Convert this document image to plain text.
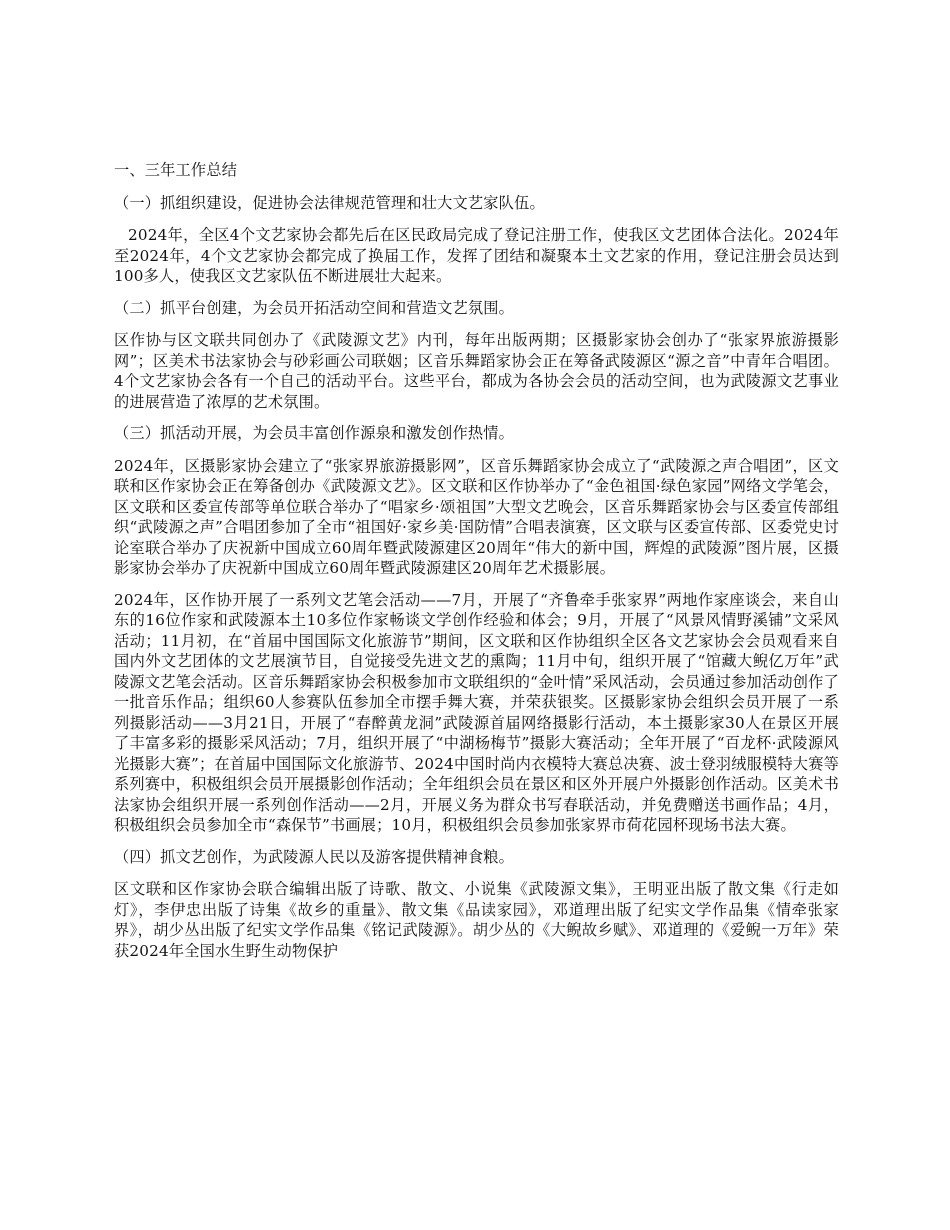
一、三年工作总结

（一）抓组织建设，促进协会法律规范管理和壮大文艺家队伍。

2024年，全区4个文艺家协会都先后在区民政局完成了登记注册工作，使我区文艺团体合法化。2024年至2024年，4个文艺家协会都完成了换届工作，发挥了团结和凝聚本土文艺家的作用，登记注册会员达到100多人，使我区文艺家队伍不断进展壮大起来。

（二）抓平台创建，为会员开拓活动空间和营造文艺氛围。

区作协与区文联共同创办了《武陵源文艺》内刊，每年出版两期；区摄影家协会创办了“张家界旅游摄影网”；区美术书法家协会与砂彩画公司联姻；区音乐舞蹈家协会正在筹备武陵源区“源之音”中青年合唱团。4个文艺家协会各有一个自己的活动平台。这些平台，都成为各协会会员的活动空间，也为武陵源文艺事业的进展营造了浓厚的艺术氛围。

（三）抓活动开展，为会员丰富创作源泉和激发创作热情。

2024年，区摄影家协会建立了“张家界旅游摄影网”，区音乐舞蹈家协会成立了“武陵源之声合唱团”，区文联和区作家协会正在筹备创办《武陵源文艺》。区文联和区作协举办了“金色祖国·绿色家园”网络文学笔会，区文联和区委宣传部等单位联合举办了“唱家乡·颂祖国”大型文艺晚会，区音乐舞蹈家协会与区委宣传部组织“武陵源之声”合唱团参加了全市“祖国好·家乡美·国防情”合唱表演赛，区文联与区委宣传部、区委党史讨论室联合举办了庆祝新中国成立60周年暨武陵源建区20周年“伟大的新中国，辉煌的武陵源”图片展，区摄影家协会举办了庆祝新中国成立60周年暨武陵源建区20周年艺术摄影展。

2024年，区作协开展了一系列文艺笔会活动——7月，开展了“齐鲁牵手张家界”两地作家座谈会，来自山东的16位作家和武陵源本土10多位作家畅谈文学创作经验和体会；9月，开展了“风景风情野溪铺”文采风活动；11月初，在“首届中国国际文化旅游节”期间，区文联和区作协组织全区各文艺家协会会员观看来自国内外文艺团体的文艺展演节目，自觉接受先进文艺的熏陶；11月中旬，组织开展了“馆藏大鲵亿万年”武陵源文艺笔会活动。区音乐舞蹈家协会积极参加市文联组织的“金叶情”采风活动，会员通过参加活动创作了一批音乐作品；组织60人参赛队伍参加全市摆手舞大赛，并荣获银奖。区摄影家协会组织会员开展了一系列摄影活动——3月21日，开展了“春醉黄龙洞”武陵源首届网络摄影行活动，本土摄影家30人在景区开展了丰富多彩的摄影采风活动；7月，组织开展了“中湖杨梅节”摄影大赛活动；全年开展了“百龙杯·武陵源风光摄影大赛”；在首届中国国际文化旅游节、2024中国时尚内衣模特大赛总决赛、波士登羽绒服模特大赛等系列赛中，积极组织会员开展摄影创作活动；全年组织会员在景区和区外开展户外摄影创作活动。区美术书法家协会组织开展一系列创作活动——2月，开展义务为群众书写春联活动，并免费赠送书画作品；4月，积极组织会员参加全市“森保节”书画展；10月，积极组织会员参加张家界市荷花园杯现场书法大赛。

（四）抓文艺创作，为武陵源人民以及游客提供精神食粮。

区文联和区作家协会联合编辑出版了诗歌、散文、小说集《武陵源文集》，王明亚出版了散文集《行走如灯》，李伊忠出版了诗集《故乡的重量》、散文集《品读家园》，邓道理出版了纪实文学作品集《情牵张家界》，胡少丛出版了纪实文学作品集《铭记武陵源》。胡少丛的《大鲵故乡赋》、邓道理的《爱鲵一万年》荣获2024年全国水生野生动物保护
